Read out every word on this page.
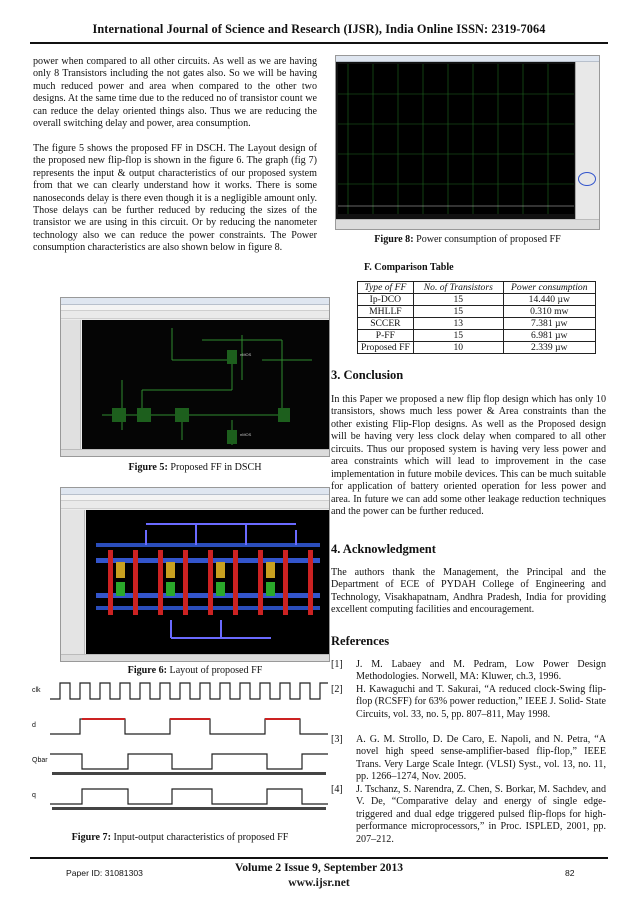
International Journal of Science and Research (IJSR), India Online ISSN: 2319-7064

power when compared to all other circuits. As well as we are having only 8 Transistors including the not gates also. So we will be having much reduced power and area when compared to the other two designs. At the same time due to the reduced no of transistor count we can reduce the delay oriented things also. Thus we are reducing the overall switching delay and power, area consumption.

The figure 5 shows the proposed FF in DSCH. The Layout design of the proposed new flip-flop is shown in the figure 6. The graph (fig 7) represents the input & output characteristics of our proposed system from that we can clearly understand how it works. There is some nanoseconds delay is there even though it is a negligible amount only. Those delays can be further reduced by reducing the sizes of the transistor we are using in this circuit. Or by reducing the nanometer technology also we can reduce the power constraints. The Power consumption characteristics are also shown below in figure 8.

nMOS
nMOS
Figure 5: Proposed FF in DSCH
Figure 6: Layout of proposed FF
clk
d
Qbar
q
Figure 7: Input-output characteristics of proposed FF
Figure 8: Power consumption of proposed FF
F. Comparison Table
Type of FF	No. of Transistors	Power consumption
Ip-DCO	15	14.440 µw
MHLLF	15	0.310 mw
SCCER	13	7.381 µw
P-FF	15	6.981 µw
Proposed FF	10	2.339 µw
3. Conclusion
In this Paper we proposed a new flip flop design which has only 10 transistors, shows much less power & Area constraints than the other existing Flip-Flop designs. As well as the Proposed design will be having very less clock delay when compared to all other circuits. Thus our proposed system is having very less power and area constraints which will lead to improvement in the case implementation in future mobile devices. This can be much suitable for application of battery oriented operation for less power and area. In future we can add some other leakage reduction techniques and the power can be further reduced.
4. Acknowledgment
The authors thank the Management, the Principal and the Department of ECE of PYDAH College of Engineering and Technology, Visakhapatnam, Andhra Pradesh, India for providing excellent computing facilities and encouragement.
References
[1] J. M. Labaey and M. Pedram, Low Power Design Methodologies. Norwell, MA: Kluwer, ch.3, 1996.
[2] H. Kawaguchi and T. Sakurai, “A reduced clock-Swing flip-flop (RCSFF) for 63% power reduction,” IEEE J. Solid- State Circuits, vol. 33, no. 5, pp. 807–811, May 1998.
[3] A. G. M. Strollo, D. De Caro, E. Napoli, and N. Petra, “A novel high speed sense-amplifier-based flip-flop,” IEEE Trans. Very Large Scale Integr. (VLSI) Syst., vol. 13, no. 11, pp. 1266–1274, Nov. 2005.
[4] J. Tschanz, S. Narendra, Z. Chen, S. Borkar, M. Sachdev, and V. De, “Comparative delay and energy of single edge-triggered and dual edge triggered pulsed flip-flops for high-performance microprocessors,” in Proc. ISPLED, 2001, pp. 207–212.
Volume 2 Issue 9, September 2013
Paper ID: 31081303
www.ijsr.net
82
